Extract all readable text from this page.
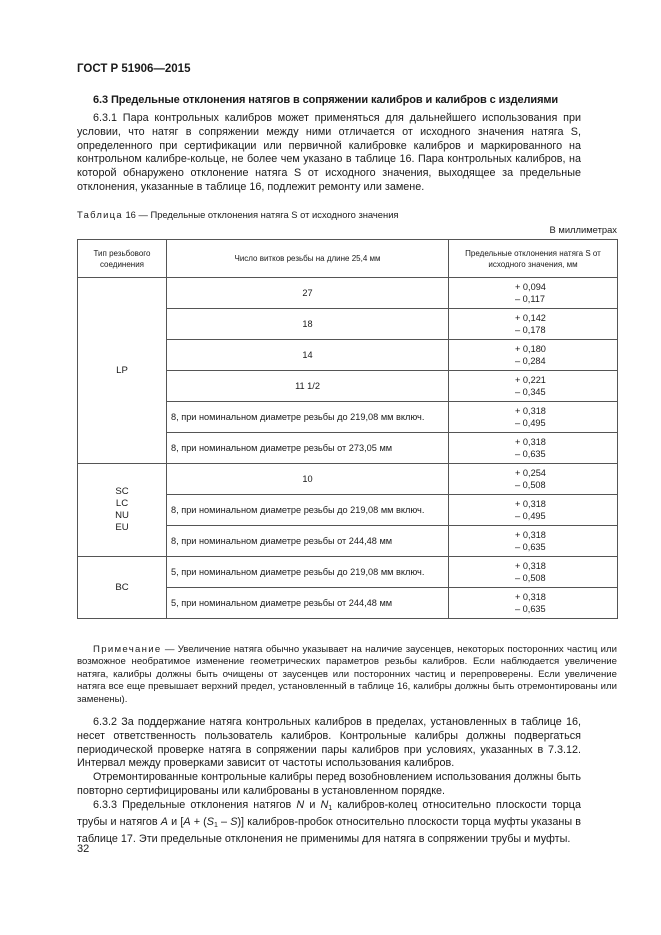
ГОСТ Р 51906—2015
6.3 Предельные отклонения натягов в сопряжении калибров и калибров с изделиями

6.3.1 Пара контрольных калибров может применяться для дальнейшего использования при условии, что натяг в сопряжении между ними отличается от исходного значения натяга S, определенного при сертификации или первичной калибровке калибров и маркированного на контрольном калибре-кольце, не более чем указано в таблице 16. Пара контрольных калибров, на которой обнаружено отклонение натяга S от исходного значения, выходящее за предельные отклонения, указанные в таблице 16, подлежит ремонту или замене.

Таблица 16 — Предельные отклонения натяга S от исходного значения
В миллиметрах
Тип резьбового соединения	Число витков резьбы на длине 25,4 мм	Предельные отклонения натяга S от исходного значения, мм

LP	27	+ 0,094
– 0,117

	18	+ 0,142
– 0,178

	14	+ 0,180
– 0,284

	11 1/2	+ 0,221
– 0,345

	8, при номинальном диаметре резьбы до 219,08 мм включ.	+ 0,318
– 0,495

	8, при номинальном диаметре резьбы от 273,05 мм	+ 0,318
– 0,635

SC
LC
NU
EU	10	+ 0,254
– 0,508

	8, при номинальном диаметре резьбы до 219,08 мм включ.	+ 0,318
– 0,495

	8, при номинальном диаметре резьбы от 244,48 мм	+ 0,318
– 0,635

BC	5, при номинальном диаметре резьбы до 219,08 мм включ.	+ 0,318
– 0,508

	5, при номинальном диаметре резьбы от 244,48 мм	+ 0,318
– 0,635

Примечание — Увеличение натяга обычно указывает на наличие заусенцев, некоторых посторонних частиц или возможное необратимое изменение геометрических параметров резьбы калибров. Если наблюдается увеличение натяга, калибры должны быть очищены от заусенцев или посторонних частиц и перепроверены. Если увеличение натяга все еще превышает верхний предел, установленный в таблице 16, калибры должны быть отремонтированы или заменены).

6.3.2 За поддержание натяга контрольных калибров в пределах, установленных в таблице 16, несет ответственность пользователь калибров. Контрольные калибры должны подвергаться периодической проверке натяга в сопряжении пары калибров при условиях, указанных в 7.3.12. Интервал между проверками зависит от частоты использования калибров.

Отремонтированные контрольные калибры перед возобновлением использования должны быть повторно сертифицированы или калиброваны в установленном порядке.

6.3.3 Предельные отклонения натягов N и $N_1$ калибров-колец относительно плоскости торца трубы и натягов A и $[A + (S_1 - S)]$ калибров-пробок относительно плоскости торца муфты указаны в таблице 17. Эти предельные отклонения не применимы для натяга в сопряжении трубы и муфты.

32
